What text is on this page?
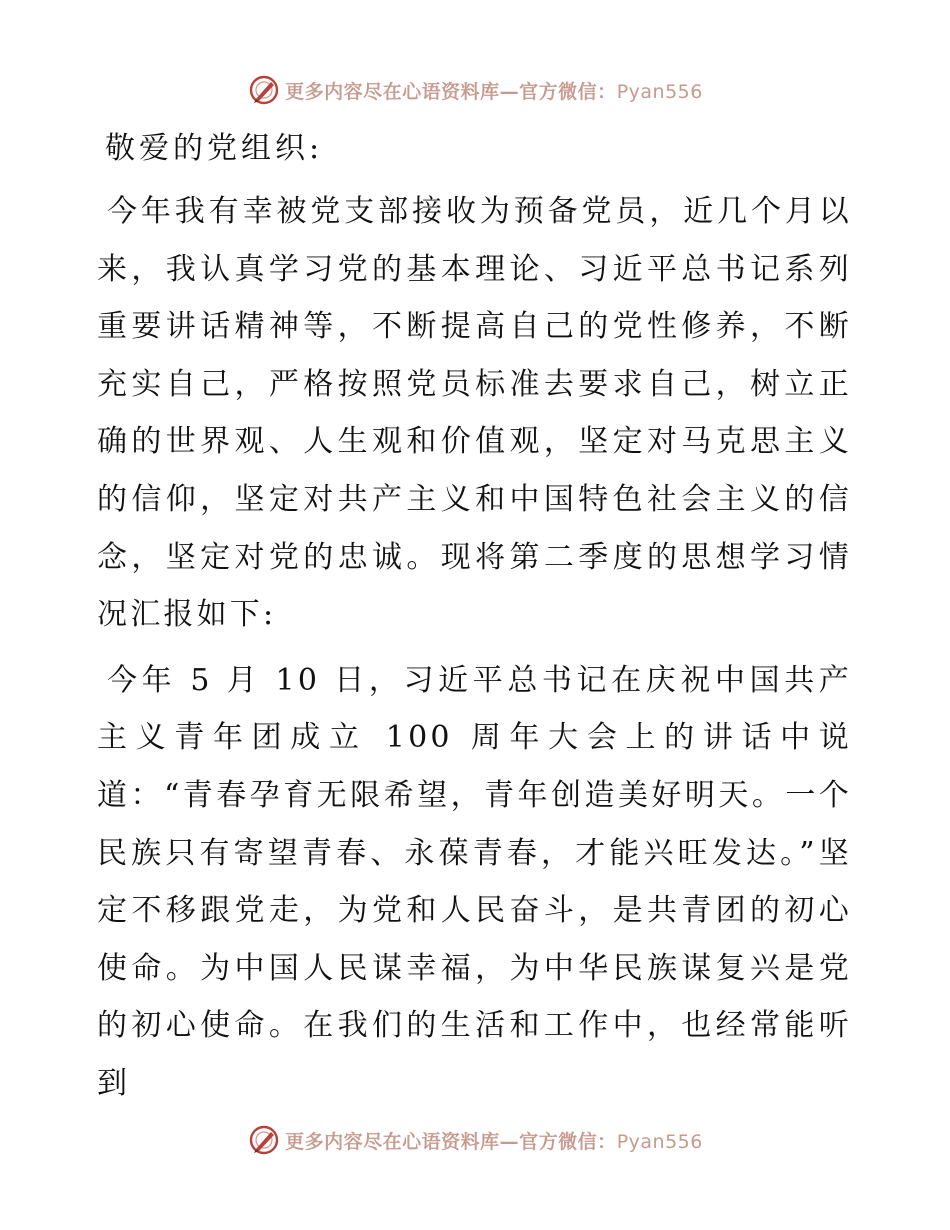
更多内容尽在心语资料库—官方微信：Pyan556
敬爱的党组织:

今年我有幸被党支部接收为预备党员，近几个月以来，我认真学习党的基本理论、习近平总书记系列重要讲话精神等，不断提高自己的党性修养，不断充实自己，严格按照党员标准去要求自己，树立正确的世界观、人生观和价值观，坚定对马克思主义的信仰，坚定对共产主义和中国特色社会主义的信念，坚定对党的忠诚。现将第二季度的思想学习情况汇报如下:

今年 5 月 10 日，习近平总书记在庆祝中国共产主义青年团成立 100 周年大会上的讲话中说道：“青春孕育无限希望，青年创造美好明天。一个民族只有寄望青春、永葆青春，才能兴旺发达。”坚定不移跟党走，为党和人民奋斗，是共青团的初心使命。为中国人民谋幸福，为中华民族谋复兴是党的初心使命。在我们的生活和工作中，也经常能听到

更多内容尽在心语资料库—官方微信：Pyan556
